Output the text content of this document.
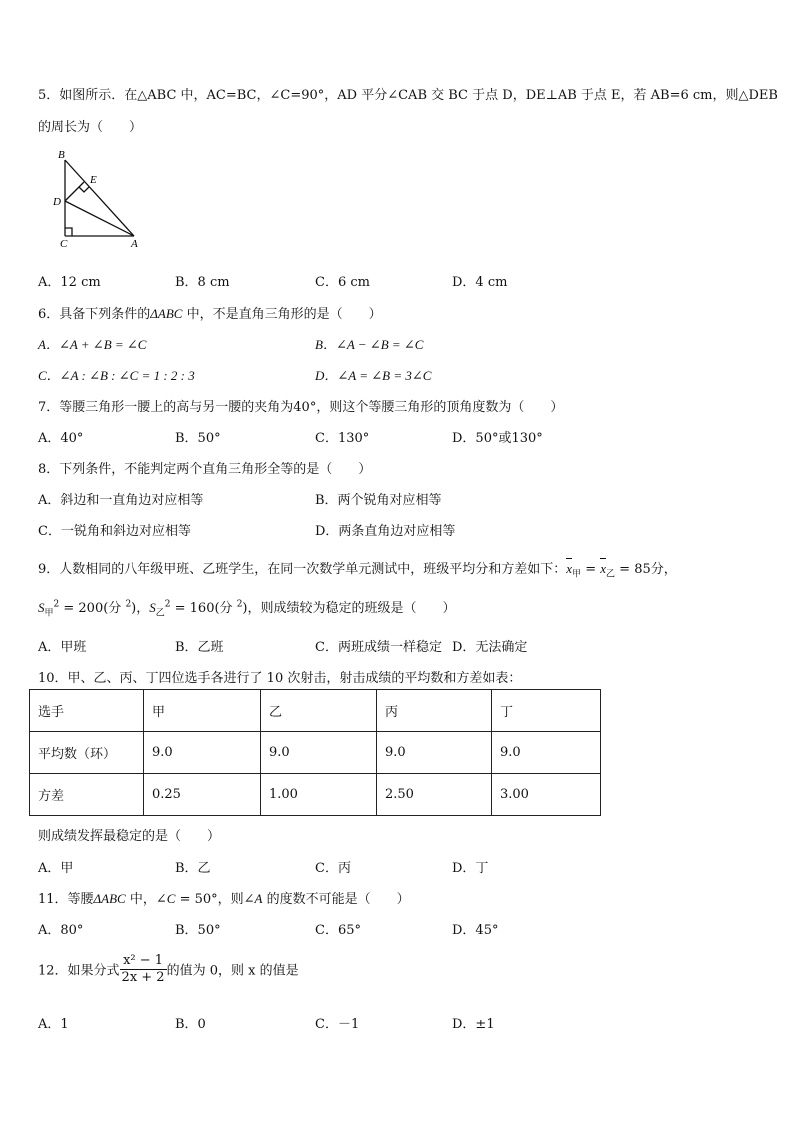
5．如图所示．在△ABC 中，AC=BC，∠C=90°，AD 平分∠CAB 交 BC 于点 D，DE⊥AB 于点 E，若 AB=6 cm，则△DEB
的周长为（　　）
B
E
D
C	A
A．12 cm	B．8 cm	C．6 cm	D．4 cm
6．具备下列条件的ΔABC 中，不是直角三角形的是（　　）
A．∠A + ∠B = ∠C	B．∠A − ∠B = ∠C
C．∠A : ∠B : ∠C = 1 : 2 : 3	D．∠A = ∠B = 3∠C
7．等腰三角形一腰上的高与另一腰的夹角为40°，则这个等腰三角形的顶角度数为（　　）
A．40°	B．50°	C．130°	D．50°或130°
8．下列条件，不能判定两个直角三角形全等的是（　　）
A．斜边和一直角边对应相等	B．两个锐角对应相等
C．一锐角和斜边对应相等	D．两条直角边对应相等
9．人数相同的八年级甲班、乙班学生，在同一次数学单元测试中，班级平均分和方差如下：$x_甲 = x_乙 = 85$分，
$S_甲^2 = 200$(分 $^2$)，$S_乙^2 = 160$(分 $^2$)，则成绩较为稳定的班级是（　　）
A．甲班	B．乙班	C．两班成绩一样稳定 D．无法确定
10．甲、乙、丙、丁四位选手各进行了 10 次射击，射击成绩的平均数和方差如表：
选手	甲	乙	丙	丁
平均数（环）	9.0	9.0	9.0	9.0
方差	0.25	1.00	2.50	3.00
则成绩发挥最稳定的是（　　）
A．甲	B．乙	C．丙	D．丁
11．等腰ΔABC 中，∠C = 50°，则∠A 的度数不可能是（　　）
A．80°	B．50°	C．65°	D．45°
12．如果分式 $\frac{\text{x² − 1}}{2x + 2}$ 的值为 0，则 x 的值是
A．1	B．0	C．－1	D．±1
